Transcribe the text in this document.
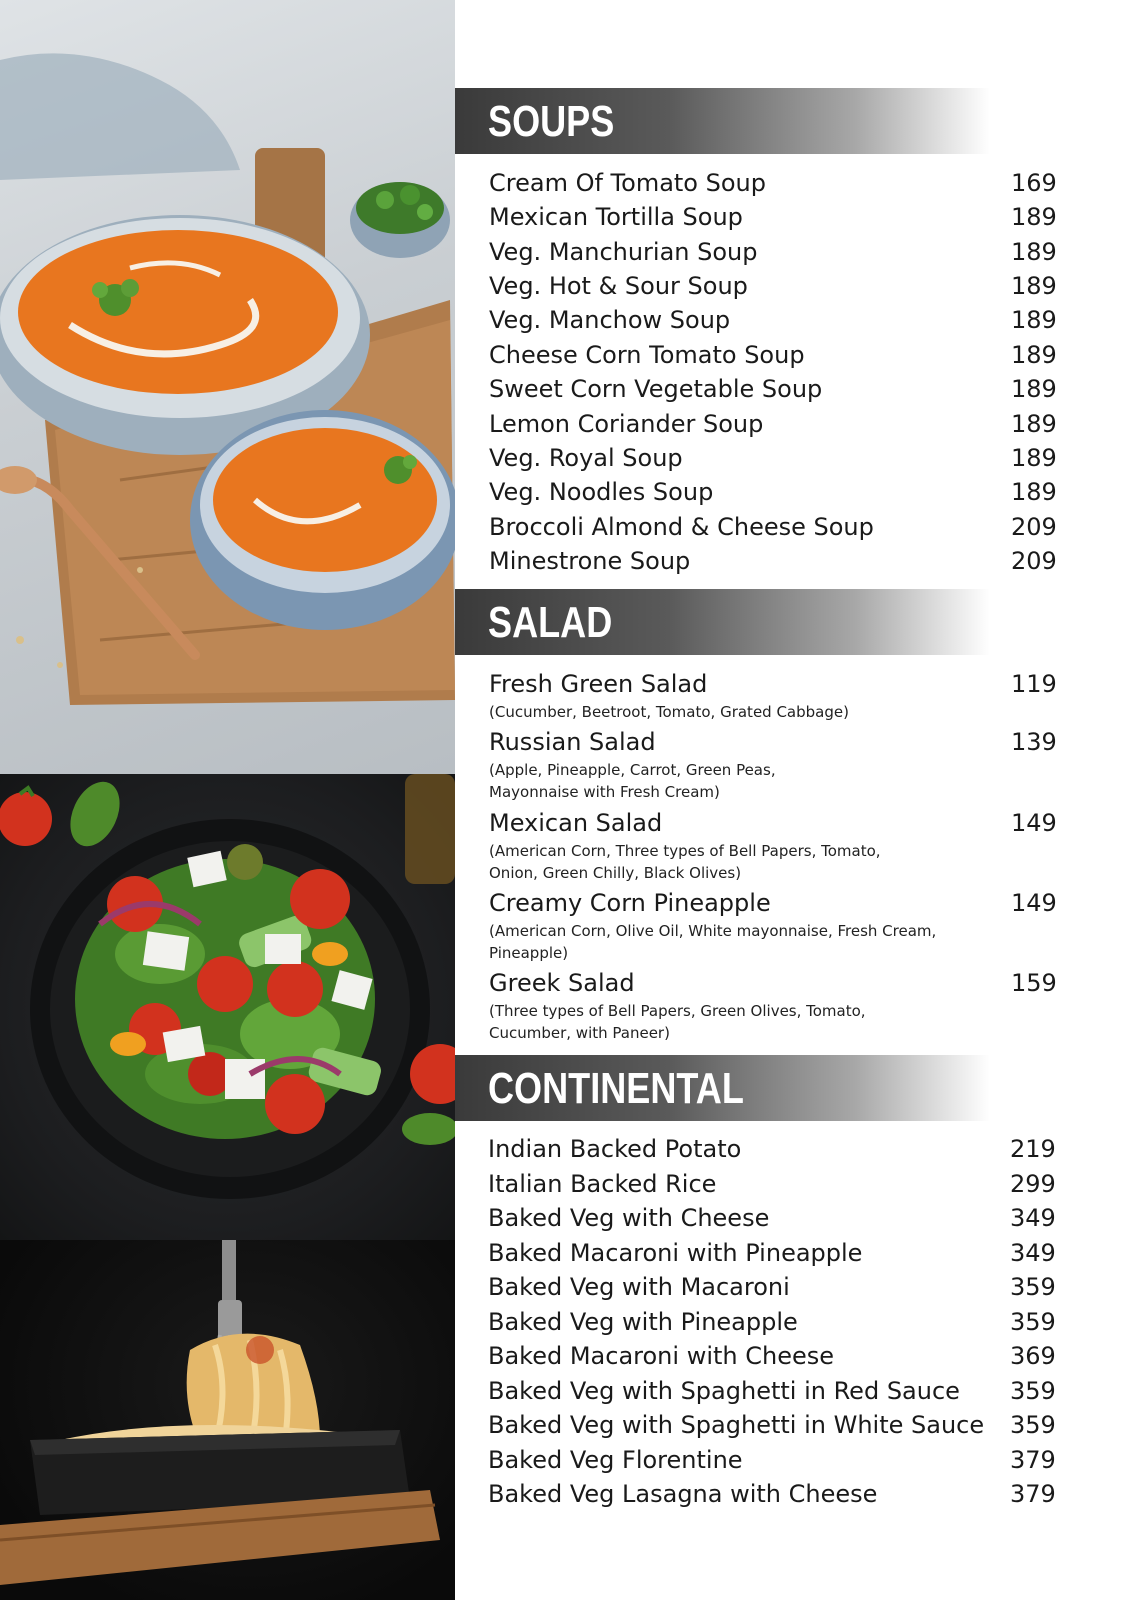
SOUPS
Cream Of Tomato Soup	169
Mexican Tortilla Soup	189
Veg. Manchurian Soup	189
Veg. Hot & Sour Soup	189
Veg. Manchow Soup	189
Cheese Corn Tomato Soup	189
Sweet Corn Vegetable Soup	189
Lemon Coriander Soup	189
Veg. Royal Soup	189
Veg. Noodles Soup	189
Broccoli Almond & Cheese Soup	209
Minestrone Soup	209
SALAD
Fresh Green Salad	119
(Cucumber, Beetroot, Tomato, Grated Cabbage)
Russian Salad	139
(Apple, Pineapple, Carrot, Green Peas, Mayonnaise with Fresh Cream)
Mexican Salad	149
(American Corn, Three types of Bell Papers, Tomato, Onion, Green Chilly, Black Olives)
Creamy Corn Pineapple	149
(American Corn, Olive Oil, White mayonnaise, Fresh Cream, Pineapple)
Greek Salad	159
(Three types of Bell Papers, Green Olives, Tomato, Cucumber, with Paneer)
CONTINENTAL
Indian Backed Potato	219
Italian Backed Rice	299
Baked Veg with Cheese	349
Baked Macaroni with Pineapple	349
Baked Veg with Macaroni	359
Baked Veg with Pineapple	359
Baked Macaroni with Cheese	369
Baked Veg with Spaghetti in Red Sauce 359
Baked Veg with Spaghetti in White Sauce 359
Baked Veg Florentine	379
Baked Veg Lasagna with Cheese	379
